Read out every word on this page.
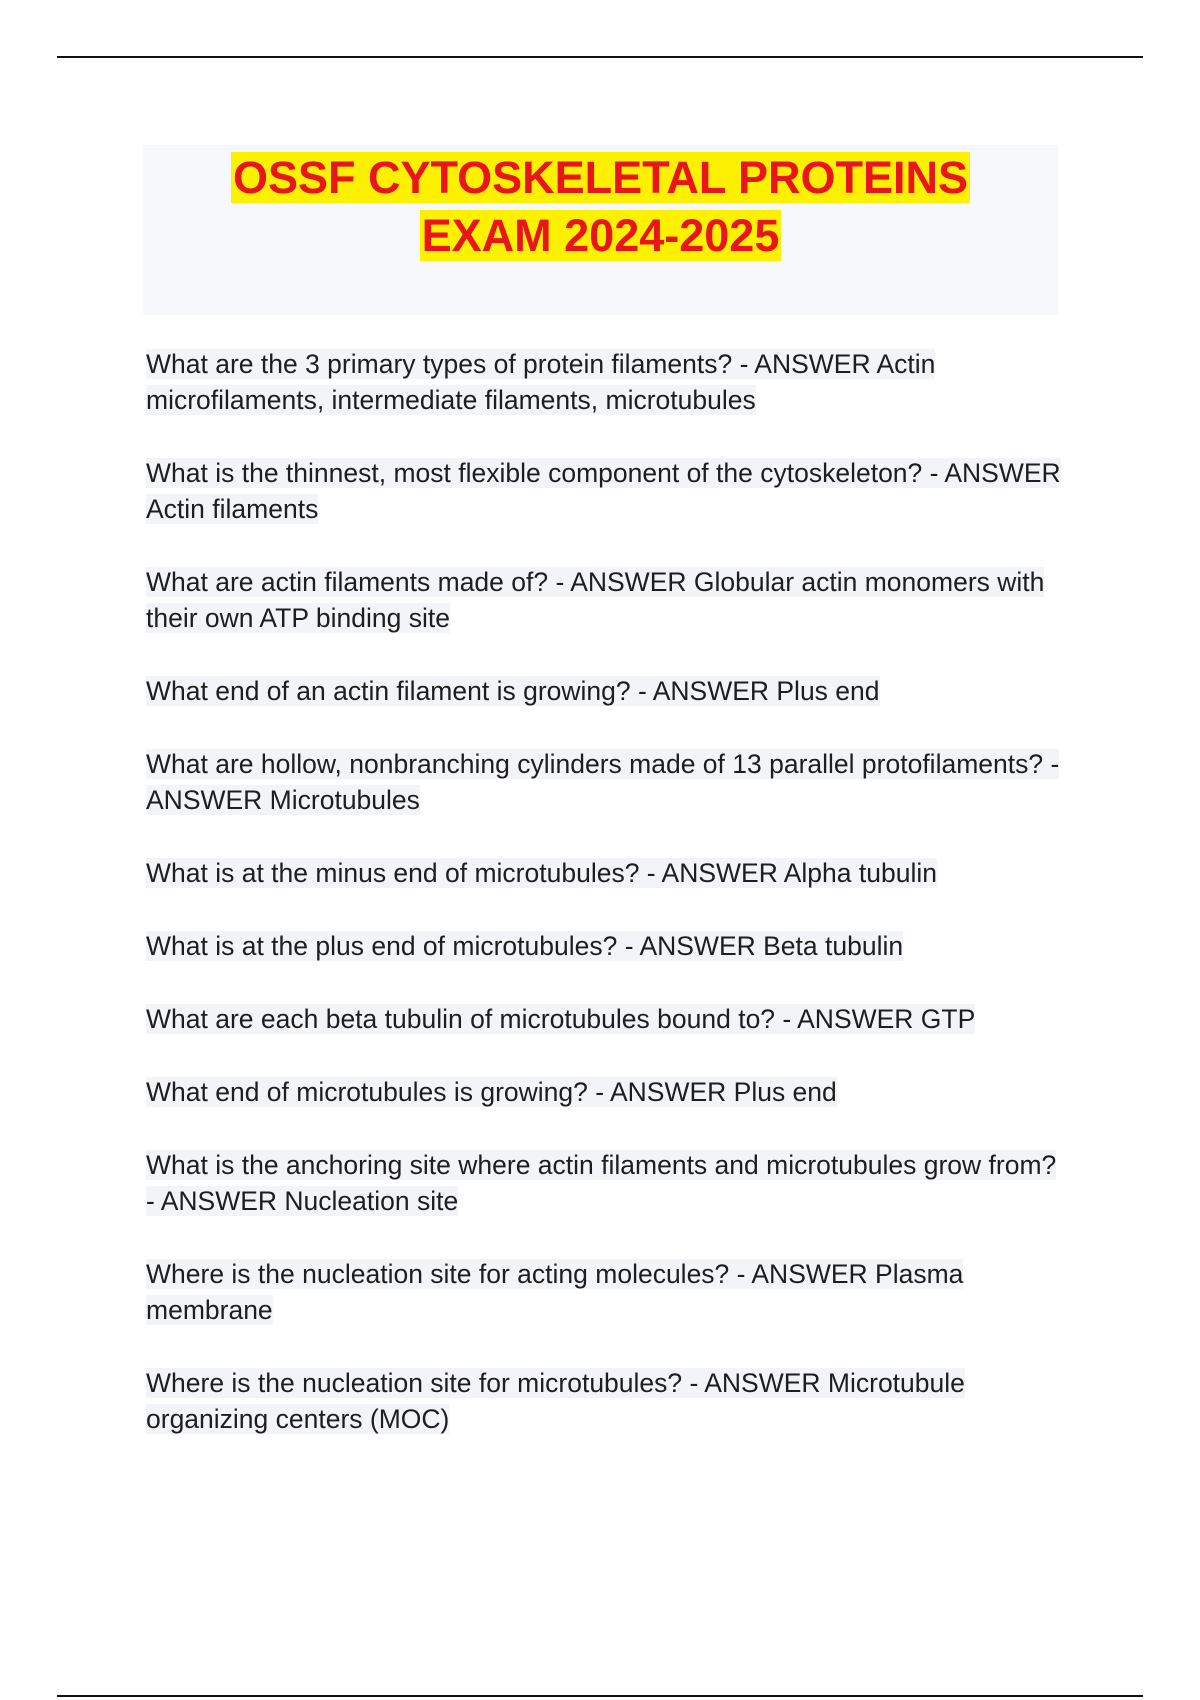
OSSF CYTOSKELETAL PROTEINS
EXAM 2024-2025
What are the 3 primary types of protein filaments? - ANSWER Actin microfilaments, intermediate filaments, microtubules
What is the thinnest, most flexible component of the cytoskeleton? - ANSWER Actin filaments
What are actin filaments made of? - ANSWER Globular actin monomers with their own ATP binding site
What end of an actin filament is growing? - ANSWER Plus end
What are hollow, nonbranching cylinders made of 13 parallel protofilaments? - ANSWER Microtubules
What is at the minus end of microtubules? - ANSWER Alpha tubulin
What is at the plus end of microtubules? - ANSWER Beta tubulin
What are each beta tubulin of microtubules bound to? - ANSWER GTP
What end of microtubules is growing? - ANSWER Plus end
What is the anchoring site where actin filaments and microtubules grow from? - ANSWER Nucleation site
Where is the nucleation site for acting molecules? - ANSWER Plasma membrane
Where is the nucleation site for microtubules? - ANSWER Microtubule organizing centers (MOC)
